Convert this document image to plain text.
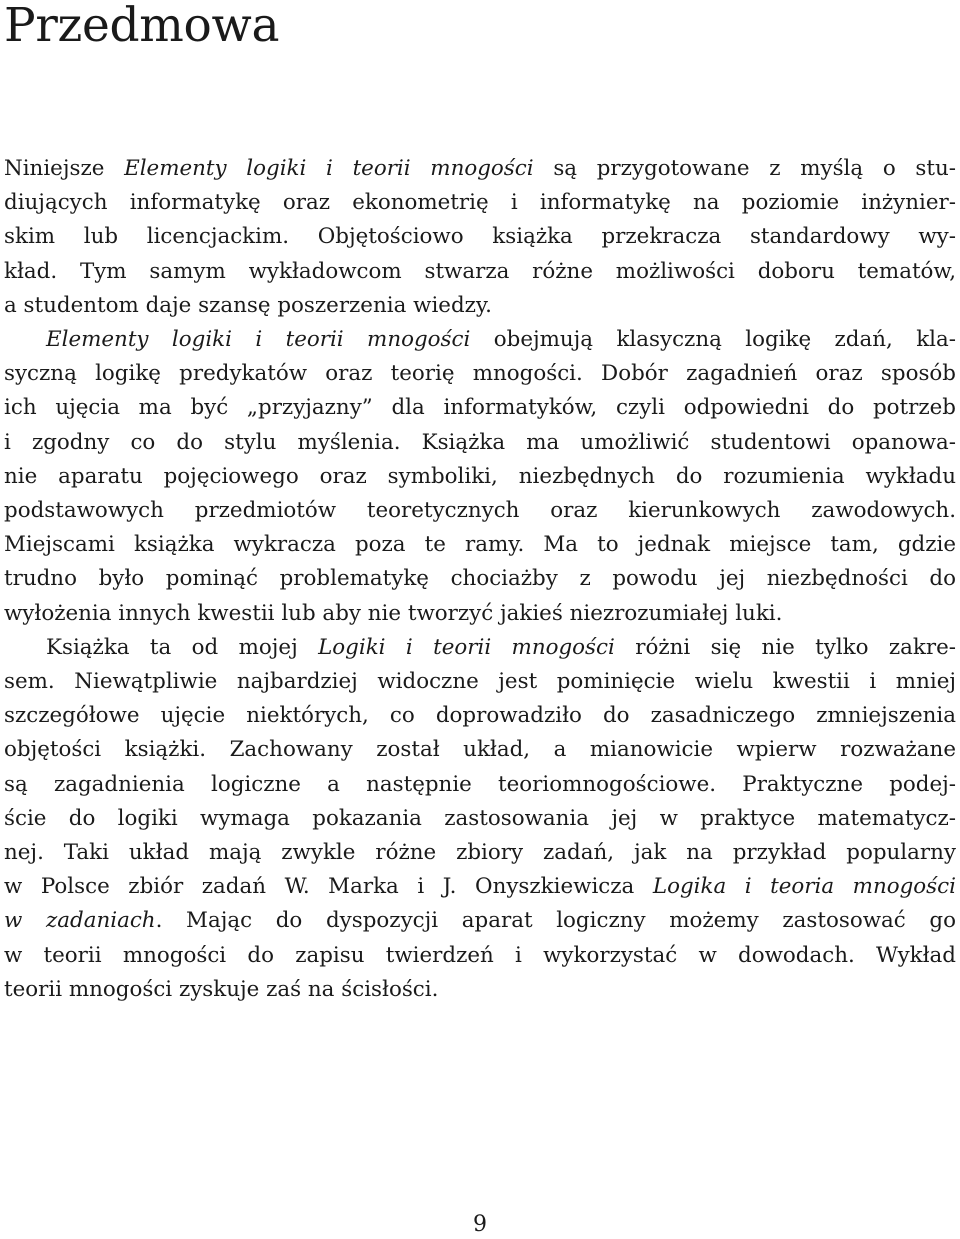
Przedmowa

Niniejsze Elementy logiki i teorii mnogości są przygotowane z myślą o stu-
diujących informatykę oraz ekonometrię i informatykę na poziomie inżynier-
skim lub licencjackim. Objętościowo książka przekracza standardowy wy-
kład. Tym samym wykładowcom stwarza różne możliwości doboru tematów,
a studentom daje szansę poszerzenia wiedzy.

Elementy logiki i teorii mnogości obejmują klasyczną logikę zdań, kla-
syczną logikę predykatów oraz teorię mnogości. Dobór zagadnień oraz sposób
ich ujęcia ma być „przyjazny” dla informatyków, czyli odpowiedni do potrzeb
i zgodny co do stylu myślenia. Książka ma umożliwić studentowi opanowa-
nie aparatu pojęciowego oraz symboliki, niezbędnych do rozumienia wykładu
podstawowych przedmiotów teoretycznych oraz kierunkowych zawodowych.
Miejscami książka wykracza poza te ramy. Ma to jednak miejsce tam, gdzie
trudno było pominąć problematykę chociażby z powodu jej niezbędności do
wyłożenia innych kwestii lub aby nie tworzyć jakieś niezrozumiałej luki.

Książka ta od mojej Logiki i teorii mnogości różni się nie tylko zakre-
sem. Niewątpliwie najbardziej widoczne jest pominięcie wielu kwestii i mniej
szczegółowe ujęcie niektórych, co doprowadziło do zasadniczego zmniejszenia
objętości książki. Zachowany został układ, a mianowicie wpierw rozważane
są zagadnienia logiczne a następnie teoriomnogościowe. Praktyczne podej-
ście do logiki wymaga pokazania zastosowania jej w praktyce matematycz-
nej. Taki układ mają zwykle różne zbiory zadań, jak na przykład popularny
w Polsce zbiór zadań W. Marka i J. Onyszkiewicza Logika i teoria mnogości
w zadaniach. Mając do dyspozycji aparat logiczny możemy zastosować go
w teorii mnogości do zapisu twierdzeń i wykorzystać w dowodach. Wykład
teorii mnogości zyskuje zaś na ścisłości.

9
